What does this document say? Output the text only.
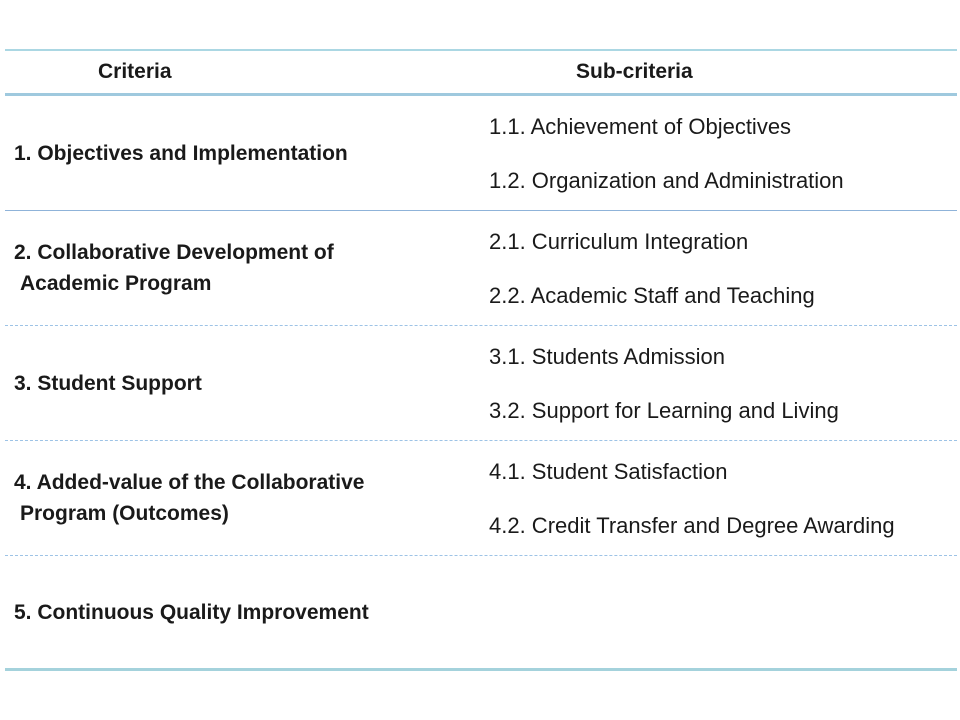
Criteria	Sub-criteria
1. Objectives and Implementation
1.1. Achievement of Objectives
1.2. Organization and Administration
2. Collaborative Development of
Academic Program
2.1. Curriculum Integration
2.2. Academic Staff and Teaching
3. Student Support
3.1. Students Admission
3.2. Support for Learning and Living
4. Added-value of the Collaborative
Program (Outcomes)
4.1. Student Satisfaction
4.2. Credit Transfer and Degree Awarding
5. Continuous Quality Improvement
